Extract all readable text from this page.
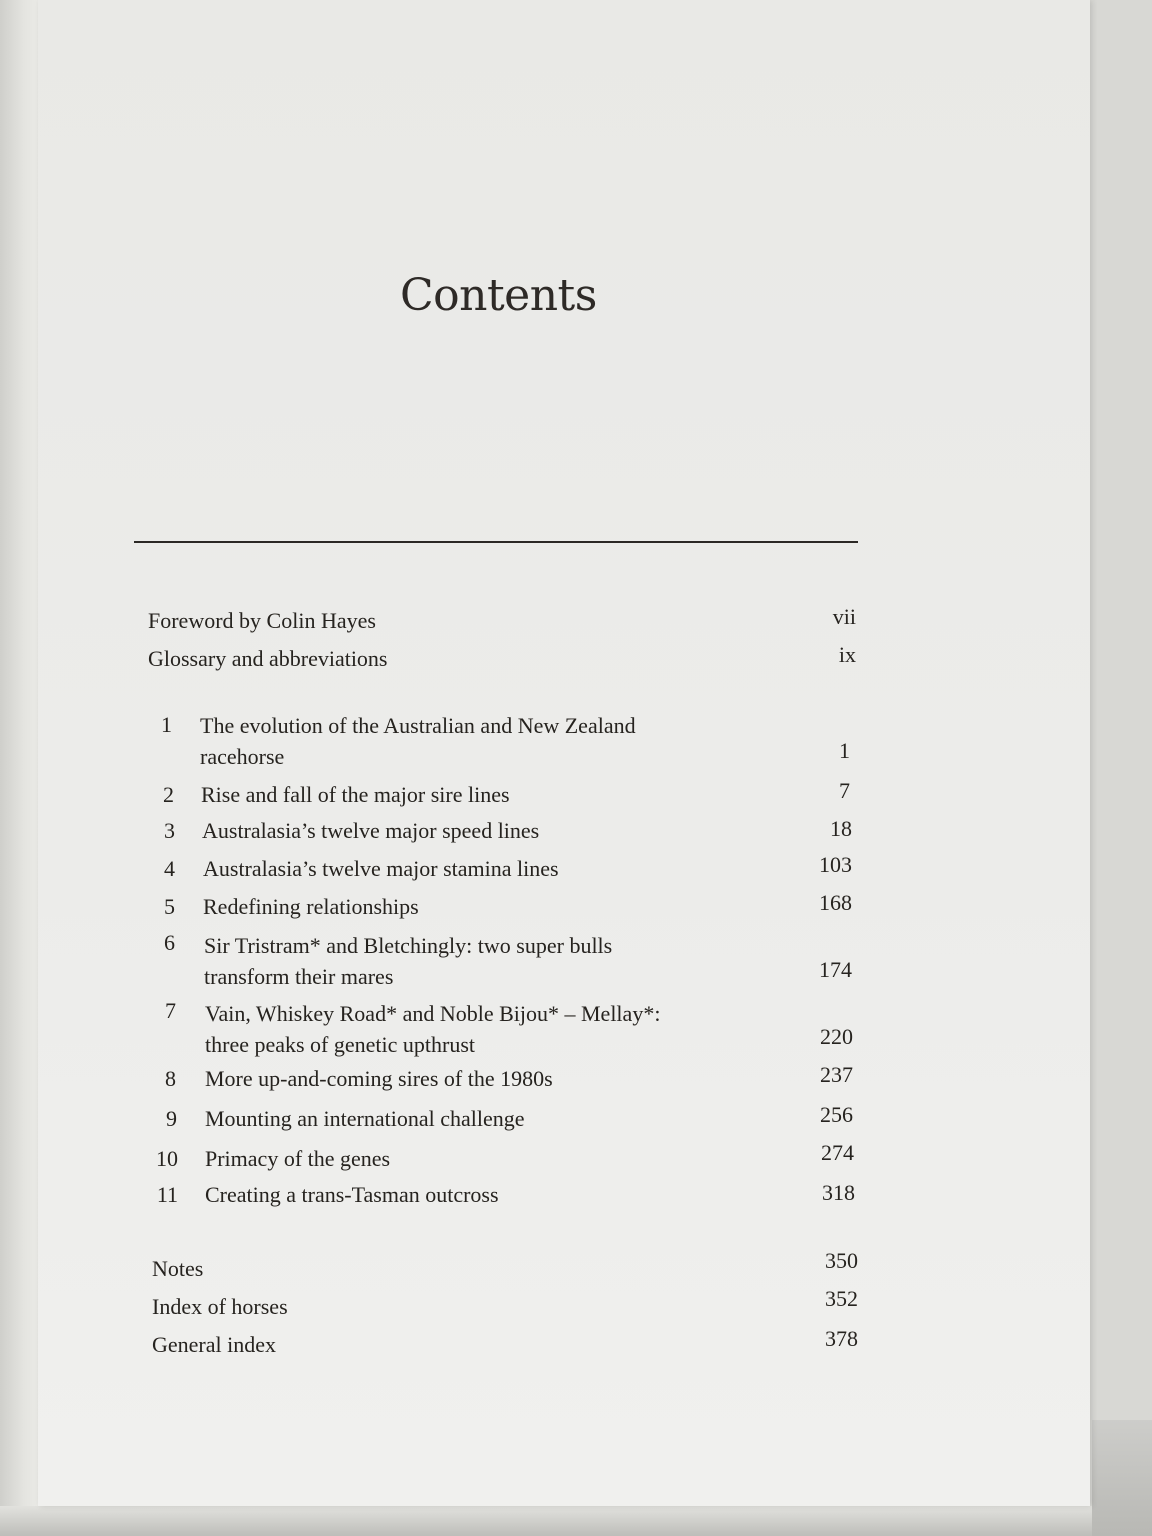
Contents
Foreword by Colin Hayes	vii
Glossary and abbreviations	ix
1 The evolution of the Australian and New Zealand
racehorse	1
2 Rise and fall of the major sire lines	7
3 Australasia’s twelve major speed lines	18
4 Australasia’s twelve major stamina lines	103
5 Redefining relationships	168
6 Sir Tristram* and Bletchingly: two super bulls
transform their mares	174
7 Vain, Whiskey Road* and Noble Bijou* – Mellay*:
three peaks of genetic upthrust	220
8 More up-and-coming sires of the 1980s	237
9 Mounting an international challenge	256
10 Primacy of the genes	274
11 Creating a trans-Tasman outcross	318
Notes	350
Index of horses	352
General index	378
